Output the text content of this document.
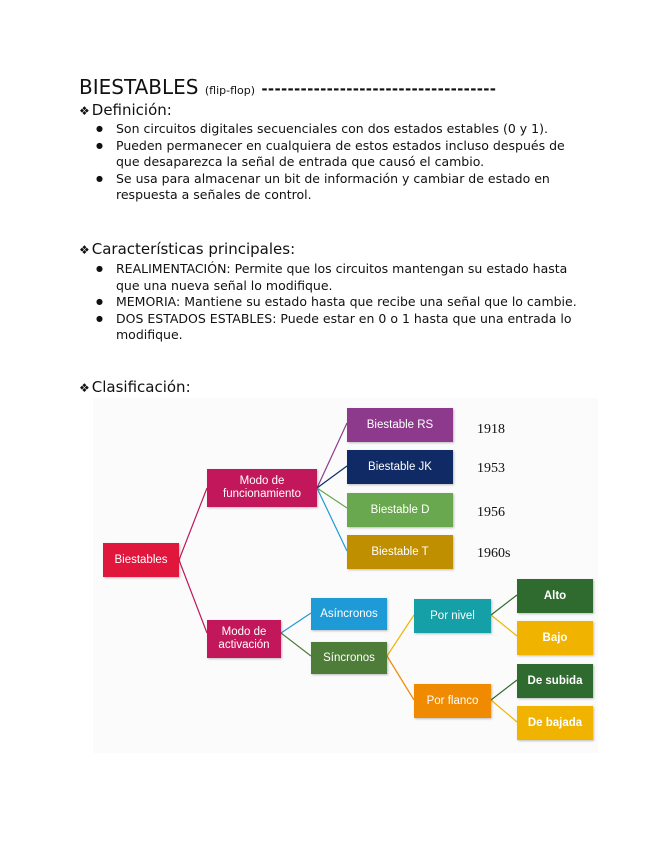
BIESTABLES (flip-flop) ------------------------------------
❖ Definición:
● Son circuitos digitales secuenciales con dos estados estables (0 y 1).
● Pueden permanecer en cualquiera de estos estados incluso después de que desaparezca la señal de entrada que causó el cambio.
● Se usa para almacenar un bit de información y cambiar de estado en respuesta a señales de control.
❖ Características principales:
● REALIMENTACIÓN: Permite que los circuitos mantengan su estado hasta que una nueva señal lo modifique.
● MEMORIA: Mantiene su estado hasta que recibe una señal que lo cambie.
● DOS ESTADOS ESTABLES: Puede estar en 0 o 1 hasta que una entrada lo modifique.
❖ Clasificación:
Biestables
Modo de funcionamiento
Modo de activación
Biestable RS
Biestable JK
Biestable D
Biestable T
1918
1953
1956
1960s
Asíncronos
Síncronos
Por nivel
Por flanco
Alto
Bajo
De subida
De bajada
